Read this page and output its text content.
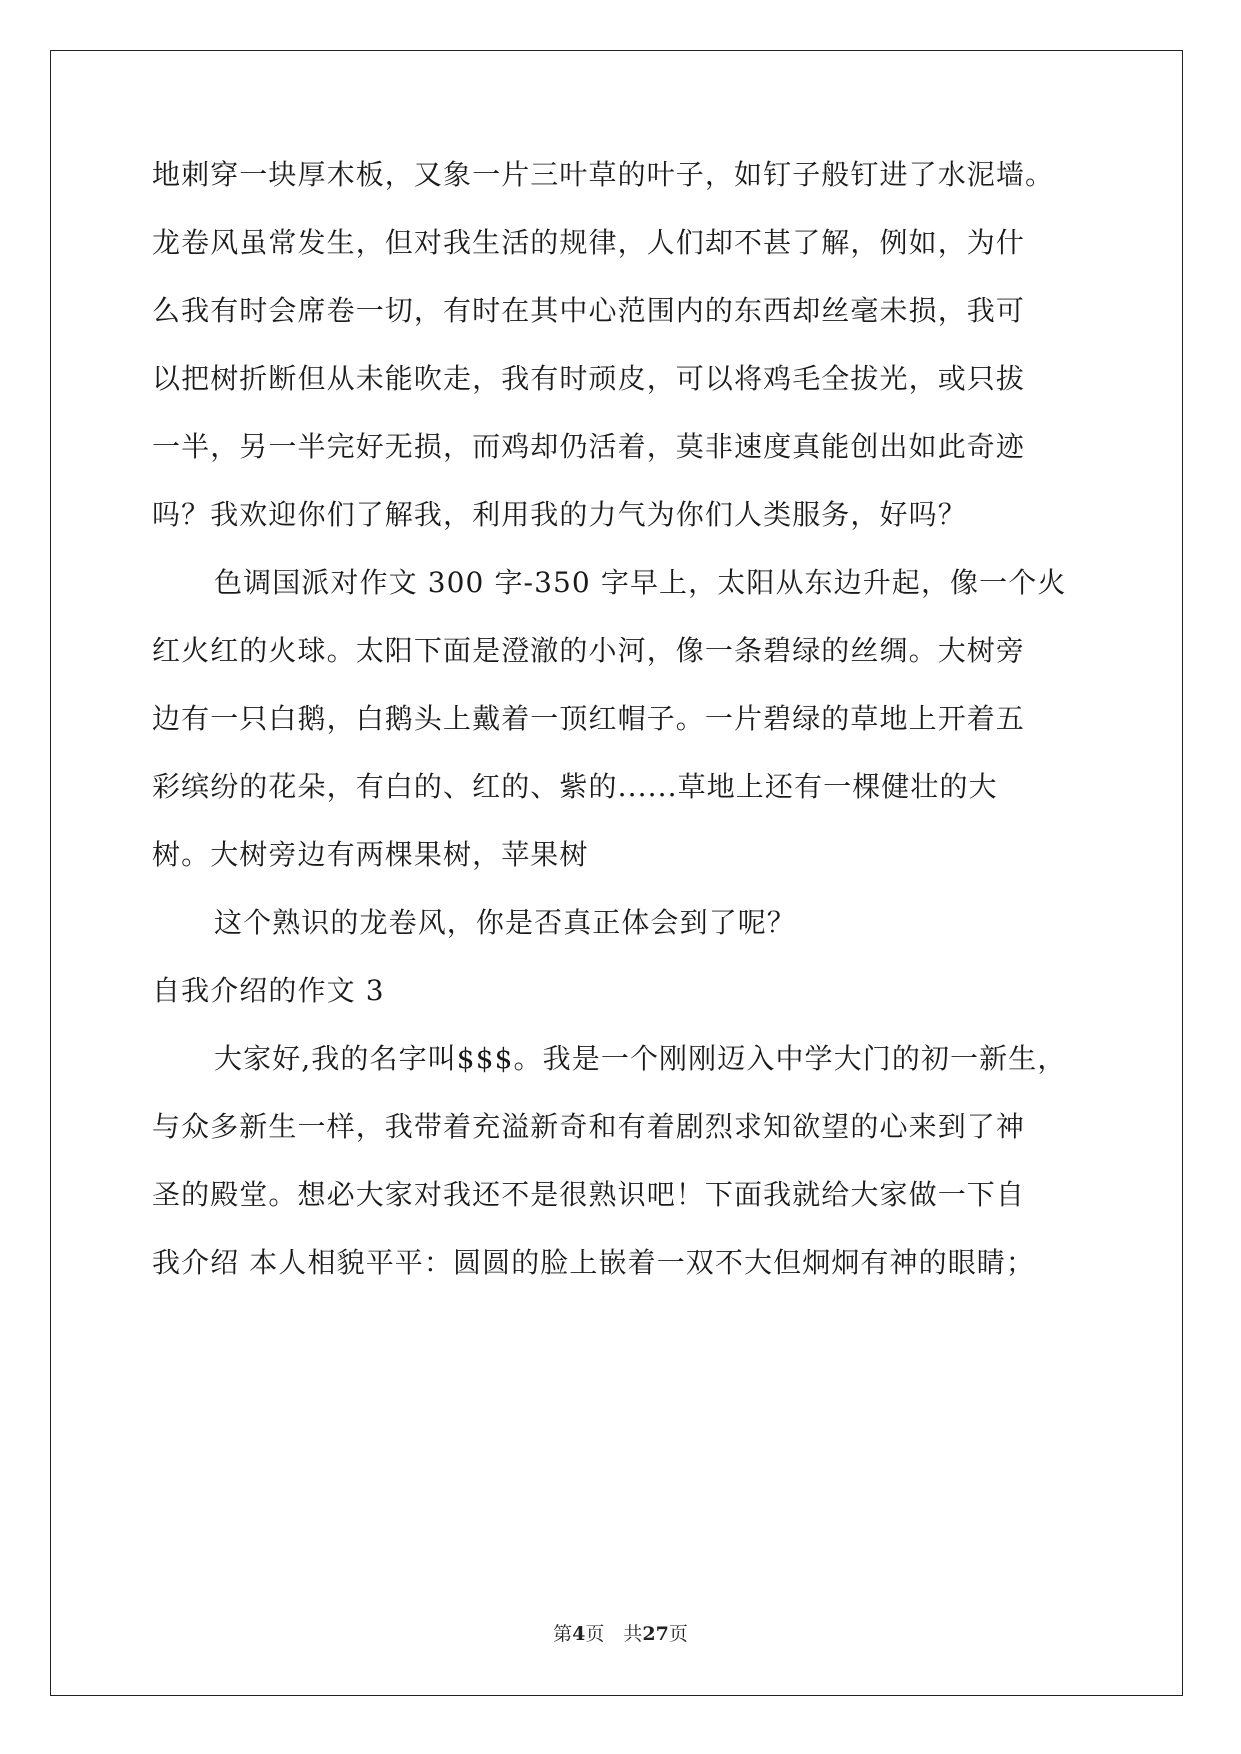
地刺穿一块厚木板，又象一片三叶草的叶子，如钉子般钉进了水泥墙。
龙卷风虽常发生，但对我生活的规律，人们却不甚了解，例如，为什
么我有时会席卷一切，有时在其中心范围内的东西却丝毫未损，我可
以把树折断但从未能吹走，我有时顽皮，可以将鸡毛全拔光，或只拔
一半，另一半完好无损，而鸡却仍活着，莫非速度真能创出如此奇迹
吗？我欢迎你们了解我，利用我的力气为你们人类服务，好吗？
色调国派对作文 300 字-350 字早上，太阳从东边升起，像一个火
红火红的火球。太阳下面是澄澈的小河，像一条碧绿的丝绸。大树旁
边有一只白鹅，白鹅头上戴着一顶红帽子。一片碧绿的草地上开着五
彩缤纷的花朵，有白的、红的、紫的......草地上还有一棵健壮的大
树。大树旁边有两棵果树，苹果树
这个熟识的龙卷风，你是否真正体会到了呢？
自我介绍的作文 3
大家好,我的名字叫$$$。我是一个刚刚迈入中学大门的初一新生，
与众多新生一样，我带着充溢新奇和有着剧烈求知欲望的心来到了神
圣的殿堂。想必大家对我还不是很熟识吧！下面我就给大家做一下自
我介绍 本人相貌平平：圆圆的脸上嵌着一双不大但炯炯有神的眼睛；
第4页　共27页
